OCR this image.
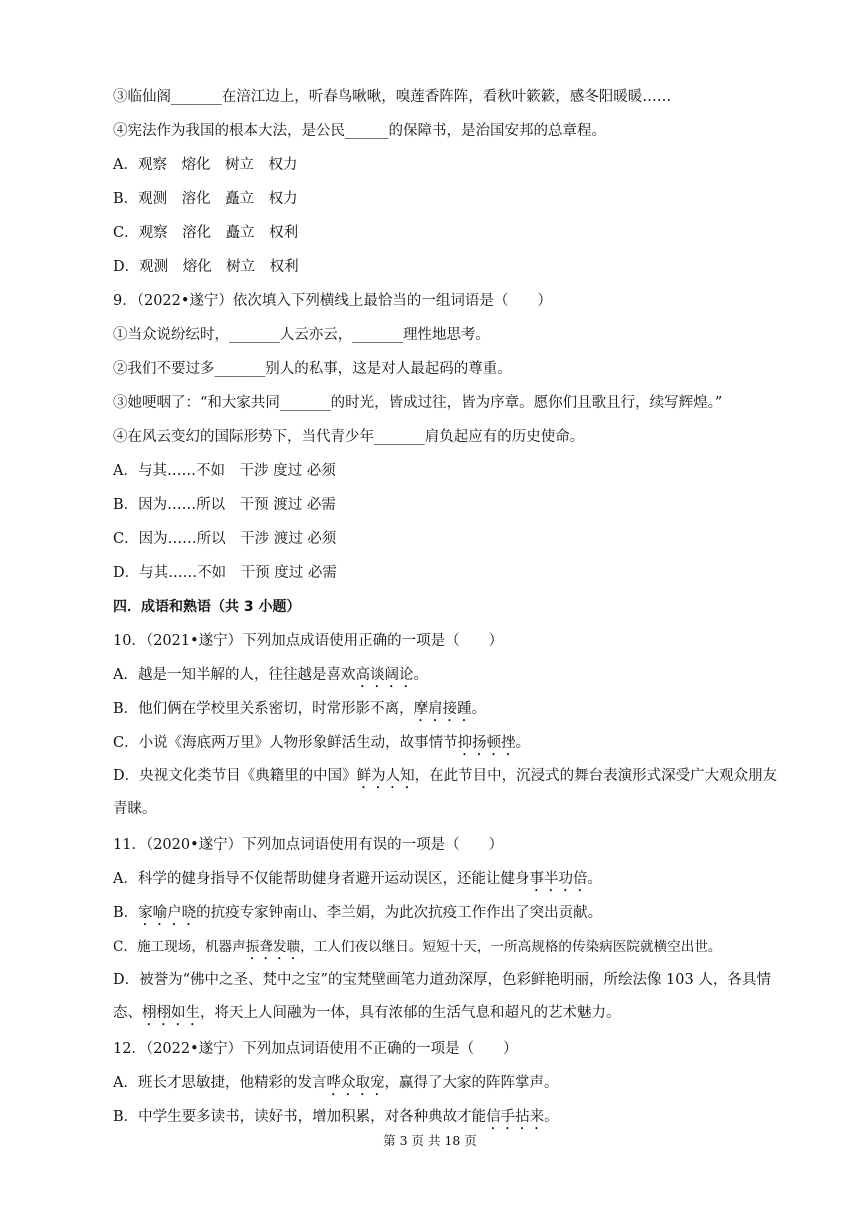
③临仙阁_______在涪江边上，听春鸟啾啾，嗅莲香阵阵，看秋叶簌簌，感冬阳暖暖……
④宪法作为我国的根本大法，是公民______的保障书，是治国安邦的总章程。
A．观察　熔化　树立　权力
B．观测　溶化　矗立　权力
C．观察　溶化　矗立　权利
D．观测　熔化　树立　权利
9．（2022•遂宁）依次填入下列横线上最恰当的一组词语是（　　）
①当众说纷纭时，_______人云亦云，_______理性地思考。
②我们不要过多_______别人的私事，这是对人最起码的尊重。
③她哽咽了：“和大家共同_______的时光，皆成过往，皆为序章。愿你们且歌且行，续写辉煌。”
④在风云变幻的国际形势下，当代青少年_______肩负起应有的历史使命。
A．与其……不如　干涉 度过 必须
B．因为……所以　干预 渡过 必需
C．因为……所以　干涉 渡过 必须
D．与其……不如　干预 度过 必需
四．成语和熟语（共 3 小题）
10．（2021•遂宁）下列加点成语使用正确的一项是（　　）
A．越是一知半解的人，往往越是喜欢高谈阔论。
B．他们俩在学校里关系密切，时常形影不离，摩肩接踵。
C．小说《海底两万里》人物形象鲜活生动，故事情节抑扬顿挫。
D．央视文化类节目《典籍里的中国》鲜为人知，在此节目中，沉浸式的舞台表演形式深受广大观众朋友青睐。
11．（2020•遂宁）下列加点词语使用有误的一项是（　　）
A．科学的健身指导不仅能帮助健身者避开运动误区，还能让健身事半功倍。
B．家喻户晓的抗疫专家钟南山、李兰娟，为此次抗疫工作作出了突出贡献。
C．施工现场，机器声振聋发聩，工人们夜以继日。短短十天，一所高规格的传染病医院就横空出世。
D．被誉为“佛中之圣、梵中之宝”的宝梵壁画笔力道劲深厚，色彩鲜艳明丽，所绘法像 103 人，各具情态、栩栩如生，将天上人间融为一体，具有浓郁的生活气息和超凡的艺术魅力。
12．（2022•遂宁）下列加点词语使用不正确的一项是（　　）
A．班长才思敏捷，他精彩的发言哗众取宠，赢得了大家的阵阵掌声。
B．中学生要多读书，读好书，增加积累，对各种典故才能信手拈来。
第 3 页 共 18 页
